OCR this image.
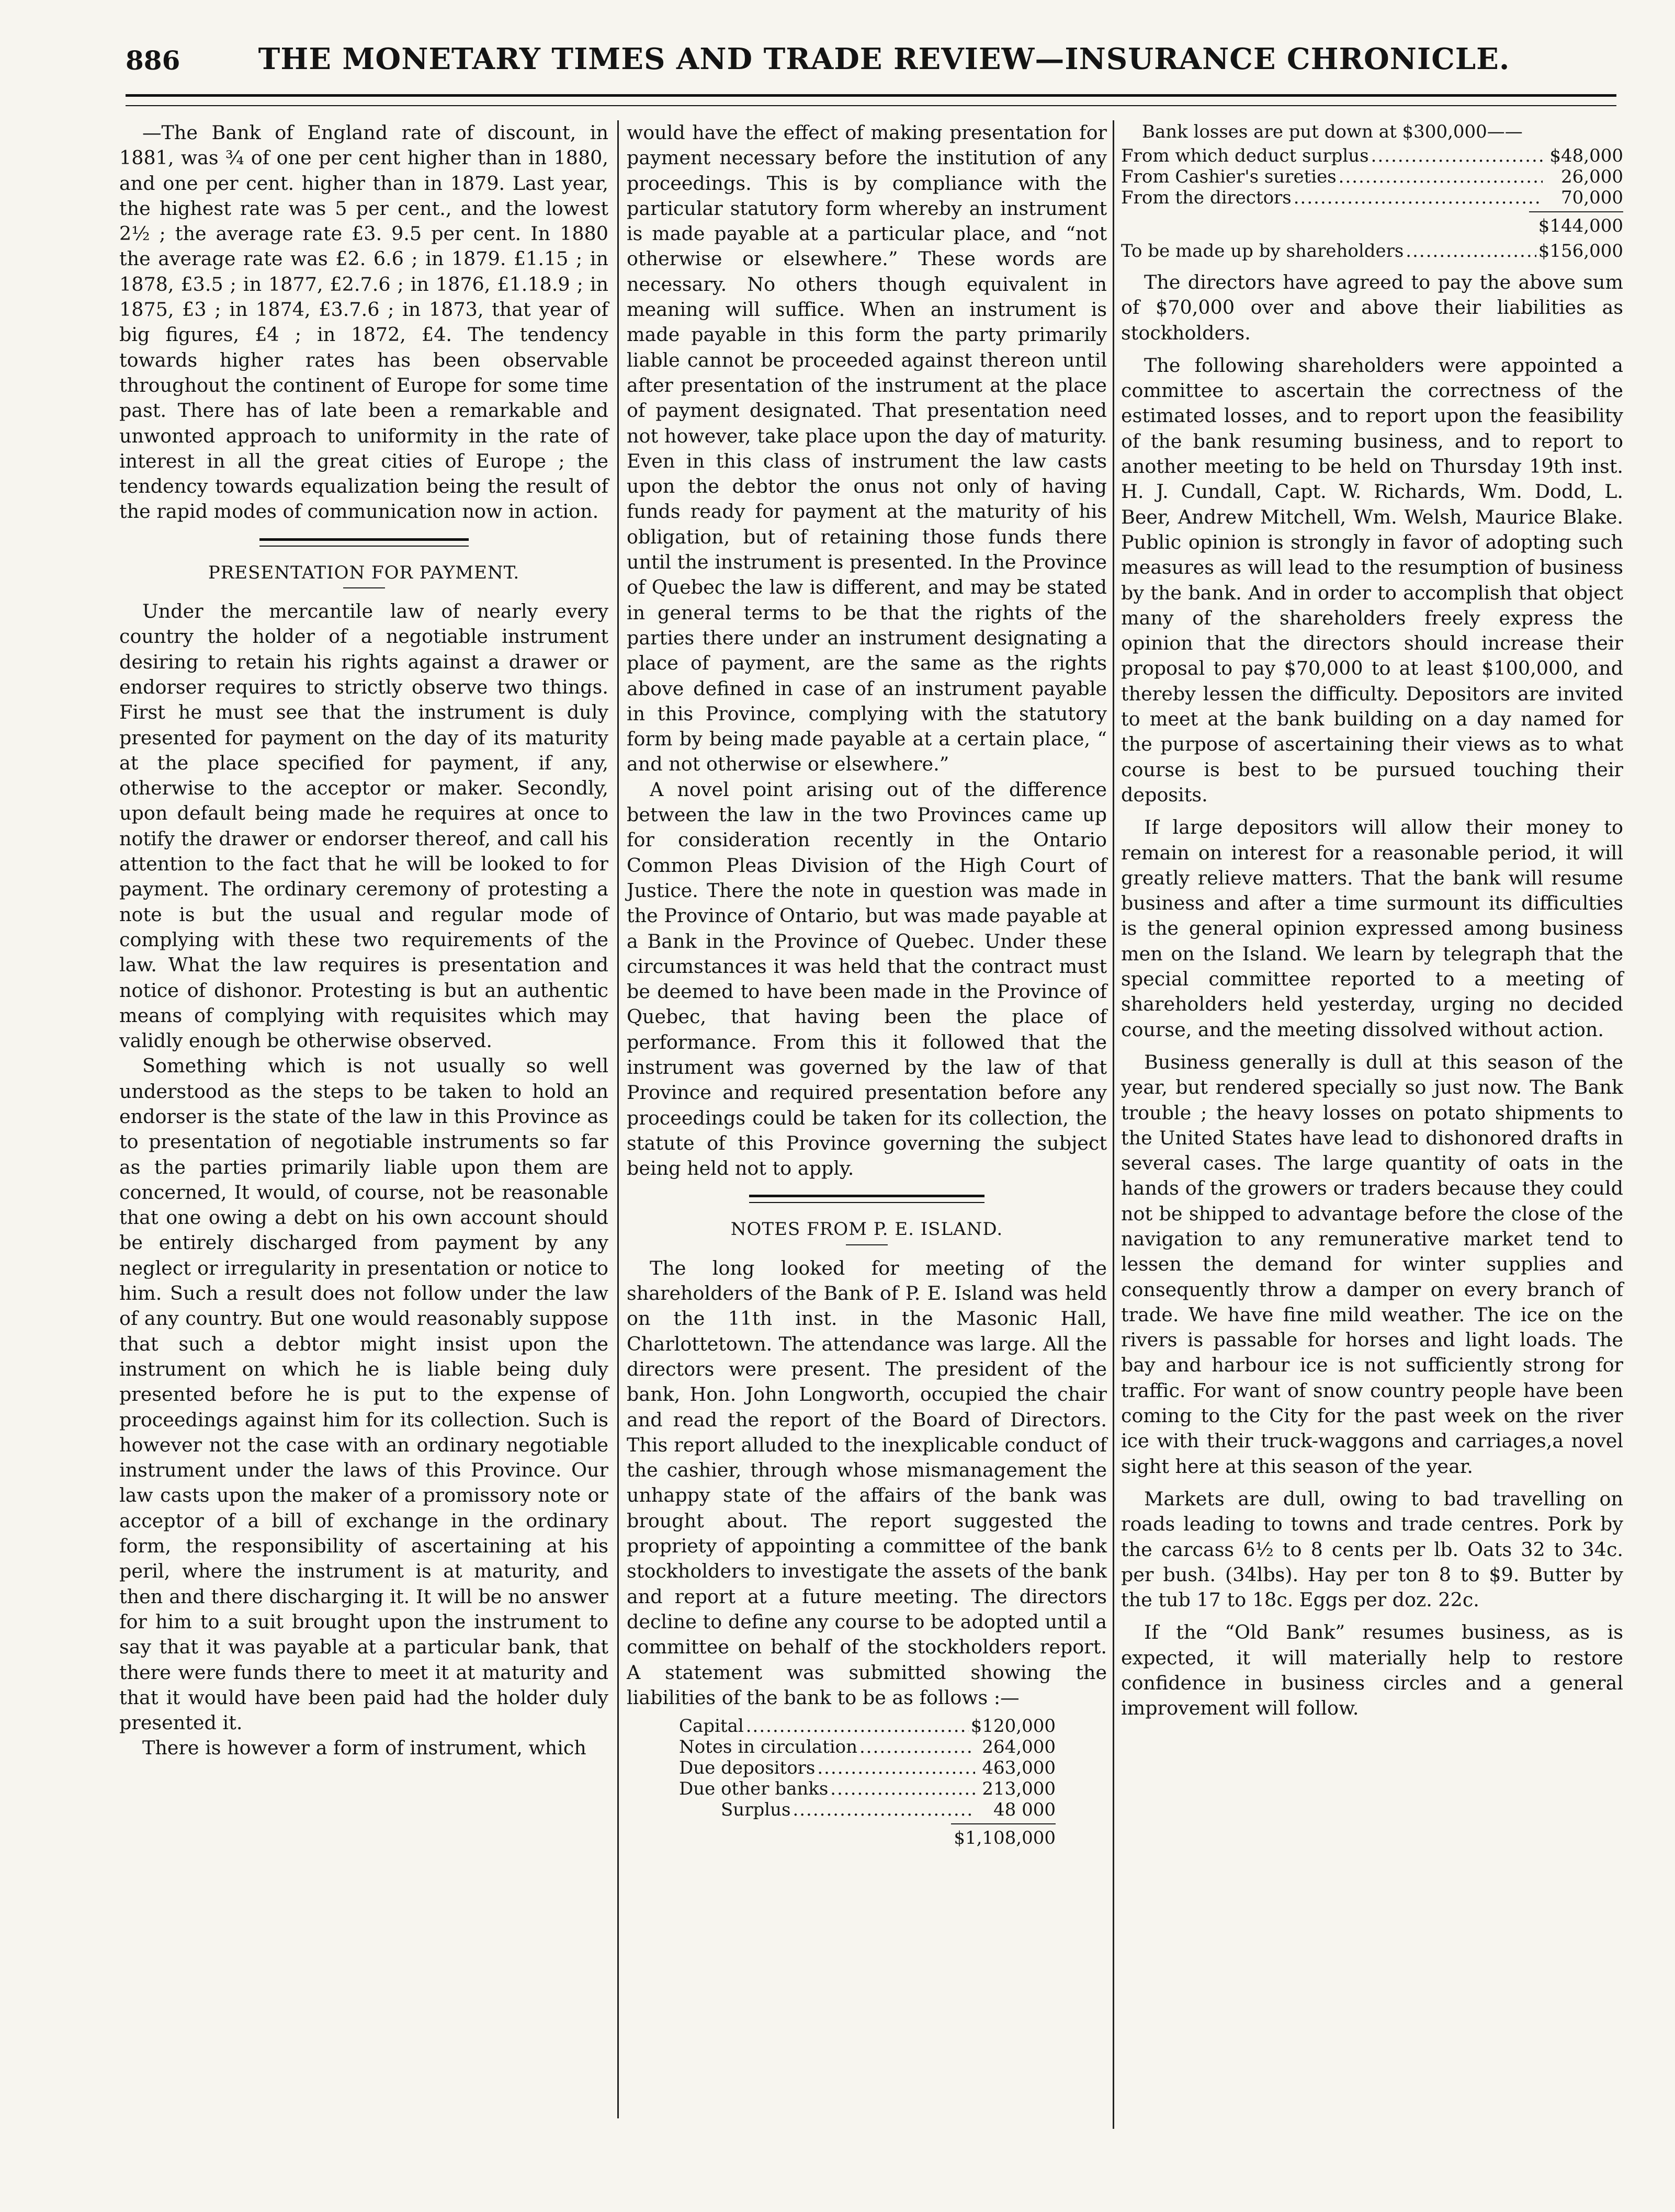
886	THE MONETARY TIMES AND TRADE REVIEW—INSURANCE CHRONICLE.

—The Bank of England rate of discount, in 1881, was ¾ of one per cent higher than in 1880, and one per cent. higher than in 1879. Last year, the highest rate was 5 per cent., and the lowest 2½ ; the average rate £3. 9.5 per cent. In 1880 the average rate was £2. 6.6 ; in 1879. £1.15 ; in 1878, £3.5 ; in 1877, £2.7.6 ; in 1876, £1.18.9 ; in 1875, £3 ; in 1874, £3.7.6 ; in 1873, that year of big figures, £4 ; in 1872, £4. The tendency towards higher rates has been observable throughout the continent of Europe for some time past. There has of late been a remarkable and unwonted approach to uniformity in the rate of interest in all the great cities of Europe ; the tendency towards equalization being the result of the rapid modes of communication now in action.

PRESENTATION FOR PAYMENT.

Under the mercantile law of nearly every country the holder of a negotiable instrument desiring to retain his rights against a drawer or endorser requires to strictly observe two things. First he must see that the instrument is duly presented for payment on the day of its maturity at the place specified for payment, if any, otherwise to the acceptor or maker. Secondly, upon default being made he requires at once to notify the drawer or endorser thereof, and call his attention to the fact that he will be looked to for payment. The ordinary ceremony of protesting a note is but the usual and regular mode of complying with these two requirements of the law. What the law requires is presentation and notice of dishonor. Protesting is but an authentic means of complying with requisites which may validly enough be otherwise observed.

Something which is not usually so well understood as the steps to be taken to hold an endorser is the state of the law in this Province as to presentation of negotiable instruments so far as the parties primarily liable upon them are concerned, It would, of course, not be reasonable that one owing a debt on his own account should be entirely discharged from payment by any neglect or irregularity in presentation or notice to him. Such a result does not follow under the law of any country. But one would reasonably suppose that such a debtor might insist upon the instrument on which he is liable being duly presented before he is put to the expense of proceedings against him for its collection. Such is however not the case with an ordinary negotiable instrument under the laws of this Province. Our law casts upon the maker of a promissory note or acceptor of a bill of exchange in the ordinary form, the responsibility of ascertaining at his peril, where the instrument is at maturity, and then and there discharging it. It will be no answer for him to a suit brought upon the instrument to say that it was payable at a particular bank, that there were funds there to meet it at maturity and that it would have been paid had the holder duly presented it.

There is however a form of instrument, which

would have the effect of making presentation for payment necessary before the institution of any proceedings. This is by compliance with the particular statutory form whereby an instrument is made payable at a particular place, and “not otherwise or elsewhere.” These words are necessary. No others though equivalent in meaning will suffice. When an instrument is made payable in this form the party primarily liable cannot be proceeded against thereon until after presentation of the instrument at the place of payment designated. That presentation need not however, take place upon the day of maturity. Even in this class of instrument the law casts upon the debtor the onus not only of having funds ready for payment at the maturity of his obligation, but of retaining those funds there until the instrument is presented. In the Province of Quebec the law is different, and may be stated in general terms to be that the rights of the parties there under an instrument designating a place of payment, are the same as the rights above defined in case of an instrument payable in this Province, complying with the statutory form by being made payable at a certain place, “ and not otherwise or elsewhere.”

A novel point arising out of the difference between the law in the two Provinces came up for consideration recently in the Ontario Common Pleas Division of the High Court of Justice. There the note in question was made in the Province of Ontario, but was made payable at a Bank in the Province of Quebec. Under these circumstances it was held that the contract must be deemed to have been made in the Province of Quebec, that having been the place of performance. From this it followed that the instrument was governed by the law of that Province and required presentation before any proceedings could be taken for its collection, the statute of this Province governing the subject being held not to apply.

NOTES FROM P. E. ISLAND.

The long looked for meeting of the shareholders of the Bank of P. E. Island was held on the 11th inst. in the Masonic Hall, Charlottetown. The attendance was large. All the directors were present. The president of the bank, Hon. John Longworth, occupied the chair and read the report of the Board of Directors. This report alluded to the inexplicable conduct of the cashier, through whose mismanagement the unhappy state of the affairs of the bank was brought about. The report suggested the propriety of appointing a committee of the bank stockholders to investigate the assets of the bank and report at a future meeting. The directors decline to define any course to be adopted until a committee on behalf of the stockholders report. A statement was submitted showing the liabilities of the bank to be as follows :—

Capital .....	$120,000
Notes in circulation .....	264,000
Due depositors .....	463,000
Due other banks .....	213,000
Surplus .....	48 000
$1,108,000
Bank losses are put down at $300,000——
From which deduct surplus .....	$48,000
From Cashier's sureties .....	26,000
From the directors .....	70,000
$144,000
To be made up by shareholders .....	$156,000

The directors have agreed to pay the above sum of $70,000 over and above their liabilities as stockholders.

The following shareholders were appointed a committee to ascertain the correctness of the estimated losses, and to report upon the feasibility of the bank resuming business, and to report to another meeting to be held on Thursday 19th inst. H. J. Cundall, Capt. W. Richards, Wm. Dodd, L. Beer, Andrew Mitchell, Wm. Welsh, Maurice Blake. Public opinion is strongly in favor of adopting such measures as will lead to the resumption of business by the bank. And in order to accomplish that object many of the shareholders freely express the opinion that the directors should increase their proposal to pay $70,000 to at least $100,000, and thereby lessen the difficulty. Depositors are invited to meet at the bank building on a day named for the purpose of ascertaining their views as to what course is best to be pursued touching their deposits.

If large depositors will allow their money to remain on interest for a reasonable period, it will greatly relieve matters. That the bank will resume business and after a time surmount its difficulties is the general opinion expressed among business men on the Island. We learn by telegraph that the special committee reported to a meeting of shareholders held yesterday, urging no decided course, and the meeting dissolved without action.

Business generally is dull at this season of the year, but rendered specially so just now. The Bank trouble ; the heavy losses on potato shipments to the United States have lead to dishonored drafts in several cases. The large quantity of oats in the hands of the growers or traders because they could not be shipped to advantage before the close of the navigation to any remunerative market tend to lessen the demand for winter supplies and consequently throw a damper on every branch of trade. We have fine mild weather. The ice on the rivers is passable for horses and light loads. The bay and harbour ice is not sufficiently strong for traffic. For want of snow country people have been coming to the City for the past week on the river ice with their truck-waggons and carriages,a novel sight here at this season of the year.

Markets are dull, owing to bad travelling on roads leading to towns and trade centres. Pork by the carcass 6½ to 8 cents per lb. Oats 32 to 34c. per bush. (34lbs). Hay per ton 8 to $9. Butter by the tub 17 to 18c. Eggs per doz. 22c.

If the “Old Bank” resumes business, as is expected, it will materially help to restore confidence in business circles and a general improvement will follow.
